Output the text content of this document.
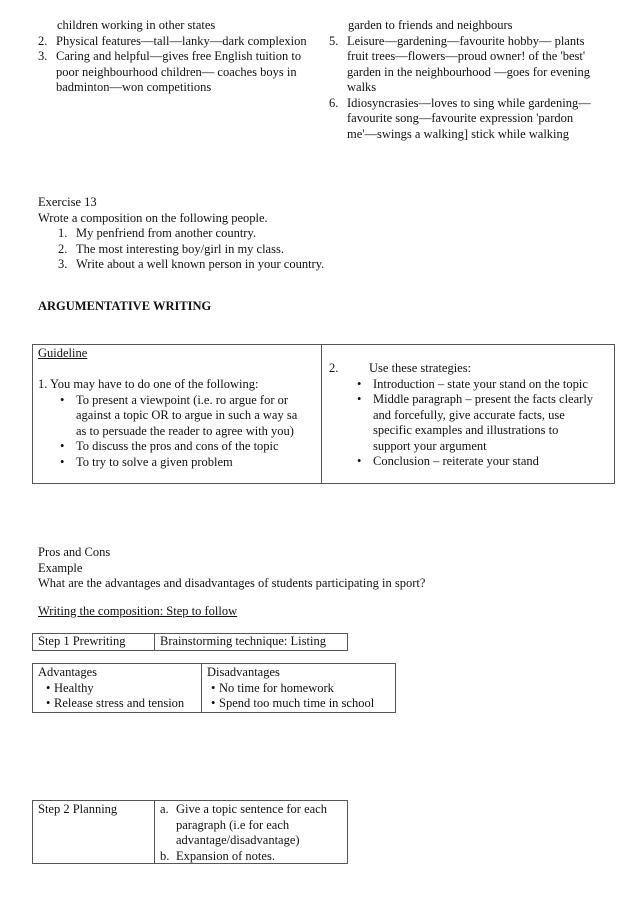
children working in other states
2. Physical features—tall—lanky—dark complexion
3. Caring and helpful—gives free English tuition to
poor neighbourhood children— coaches boys in
badminton—won competitions
garden to friends and neighbours
5. Leisure—gardening—favourite hobby— plants
fruit trees—flowers—proud owner! of the 'best'
garden in the neighbourhood —goes for evening
walks
6. Idiosyncrasies—loves to sing while gardening—
favourite song—favourite expression 'pardon
me'—swings a walking] stick while walking
Exercise 13
Wrote a composition on the following people.
1. My penfriend from another country.
2. The most interesting boy/girl in my class.
3. Write about a well known person in your country.
ARGUMENTATIVE WRITING
Guideline
1. You may have to do one of the following:
• To present a viewpoint (i.e. ro argue for or
against a topic OR to argue in such a way sa
as to persuade the reader to agree with you)
• To discuss the pros and cons of the topic
• To try to solve a given problem
2. Use these strategies:
• Introduction – state your stand on the topic
• Middle paragraph – present the facts clearly
and forcefully, give accurate facts, use
specific examples and illustrations to
support your argument
• Conclusion – reiterate your stand
Pros and Cons
Example
What are the advantages and disadvantages of students participating in sport?
Writing the composition: Step to follow
Step 1 Prewriting	Brainstorming technique: Listing
Advantages
• Healthy
• Release stress and tension
Disadvantages
• No time for homework
• Spend too much time in school
Step 2 Planning	a. Give a topic sentence for each
paragraph (i.e for each
advantage/disadvantage)
b. Expansion of notes.
